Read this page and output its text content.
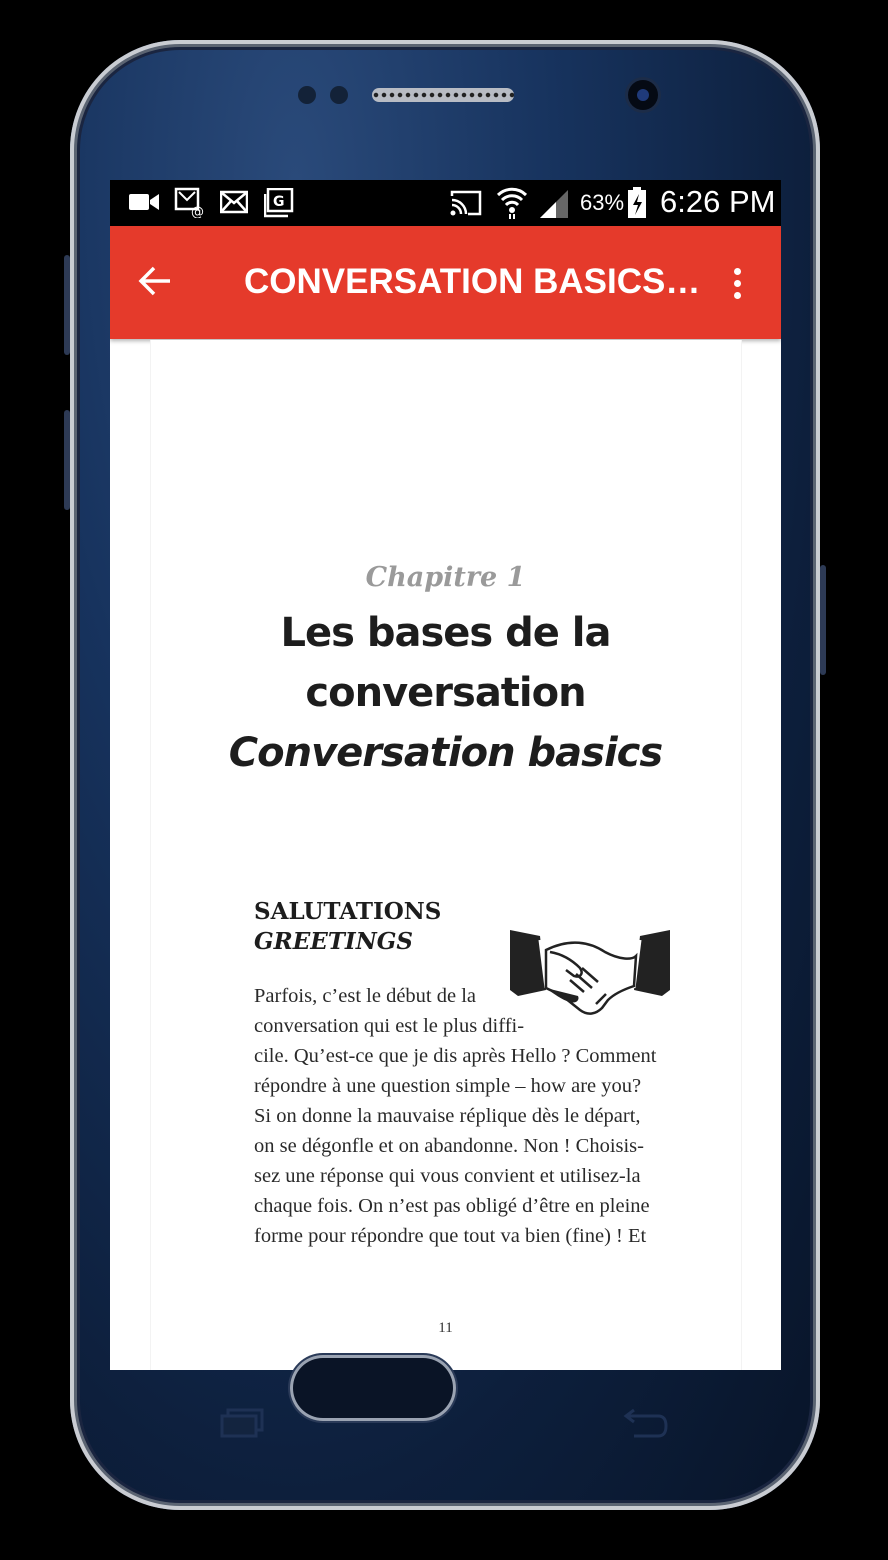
@
G	63% 6:26 PM
CONVERSATION BASICS…
Chapitre 1
Les bases de la
conversation
Conversation basics
SALUTATIONS
GREETINGS
Parfois, c’est le début de la
conversation qui est le plus diffi-
cile. Qu’est-ce que je dis après Hello ? Comment
répondre à une question simple – how are you?
Si on donne la mauvaise réplique dès le départ,
on se dégonfle et on abandonne. Non ! Choisis-
sez une réponse qui vous convient et utilisez-la
chaque fois. On n’est pas obligé d’être en pleine
forme pour répondre que tout va bien (fine) ! Et
11
